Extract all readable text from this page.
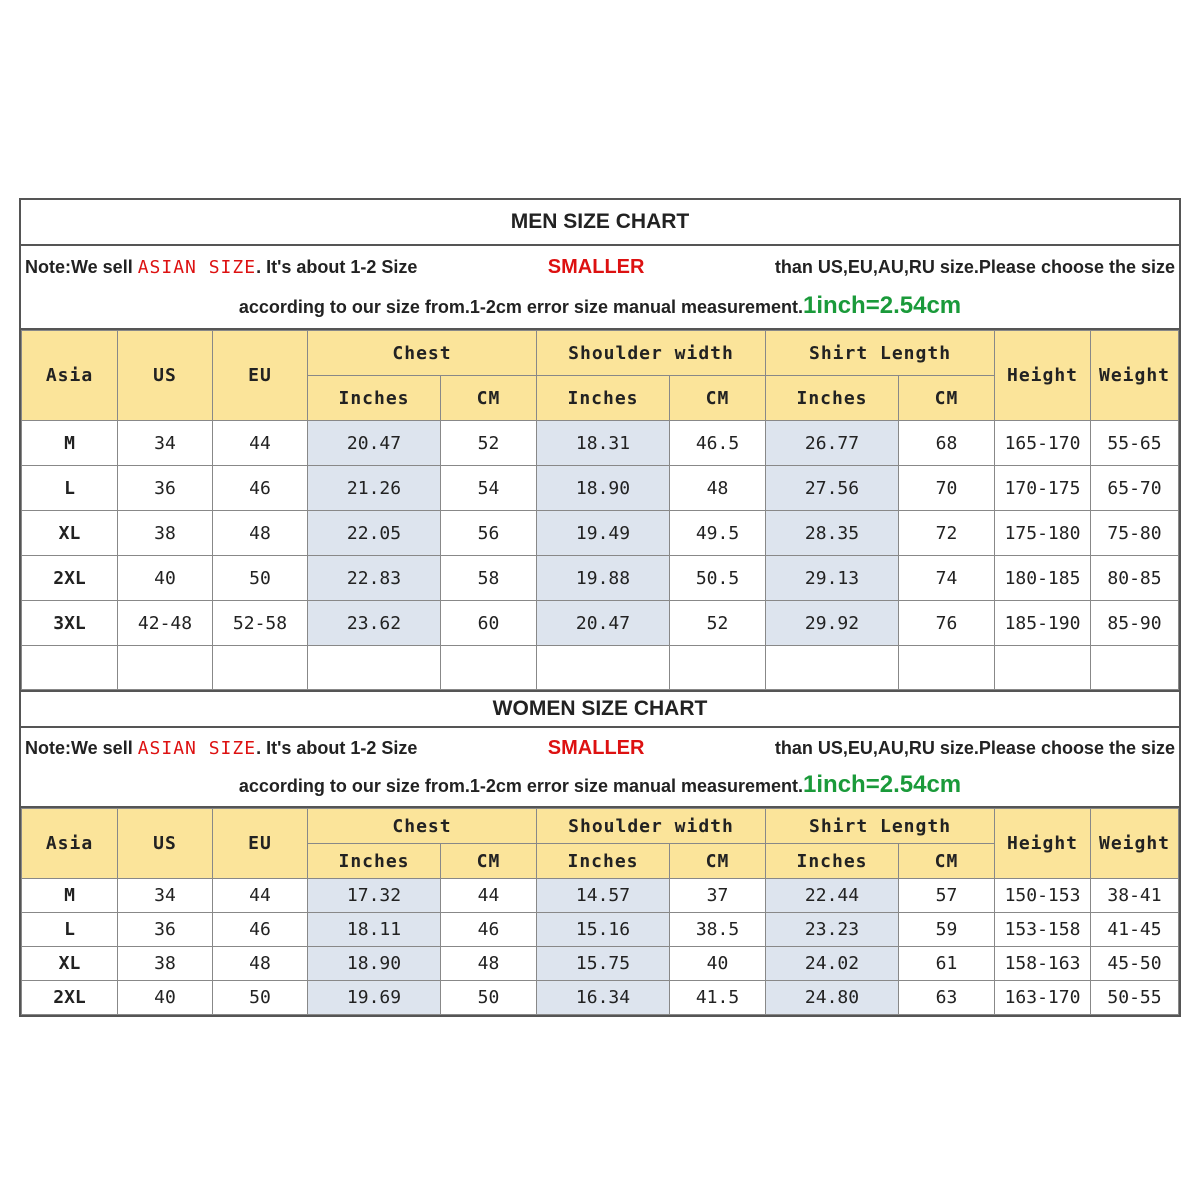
MEN SIZE CHART
Note:We sell ASIAN SIZE. It's about 1-2 Size	SMALLER	than US,EU,AU,RU size.Please choose the size
according to our size from.1-2cm error size manual measurement.1inch=2.54cm
Asia	US	EU	Chest		Shoulder width		Shirt Length		Height	Weight
			Inches	CM	Inches	CM	Inches	CM		
M	34	44	20.47	52	18.31	46.5	26.77	68	165-170	55-65
L	36	46	21.26	54	18.90	48	27.56	70	170-175	65-70
XL	38	48	22.05	56	19.49	49.5	28.35	72	175-180	75-80
2XL	40	50	22.83	58	19.88	50.5	29.13	74	180-185	80-85
3XL	42-48	52-58	23.62	60	20.47	52	29.92	76	185-190	85-90

WOMEN SIZE CHART
Note:We sell ASIAN SIZE. It's about 1-2 Size	SMALLER	than US,EU,AU,RU size.Please choose the size
according to our size from.1-2cm error size manual measurement.1inch=2.54cm
Asia	US	EU	Chest		Shoulder width		Shirt Length		Height	Weight
			Inches	CM	Inches	CM	Inches	CM		
M	34	44	17.32	44	14.57	37	22.44	57	150-153	38-41
L	36	46	18.11	46	15.16	38.5	23.23	59	153-158	41-45
XL	38	48	18.90	48	15.75	40	24.02	61	158-163	45-50
2XL	40	50	19.69	50	16.34	41.5	24.80	63	163-170	50-55
